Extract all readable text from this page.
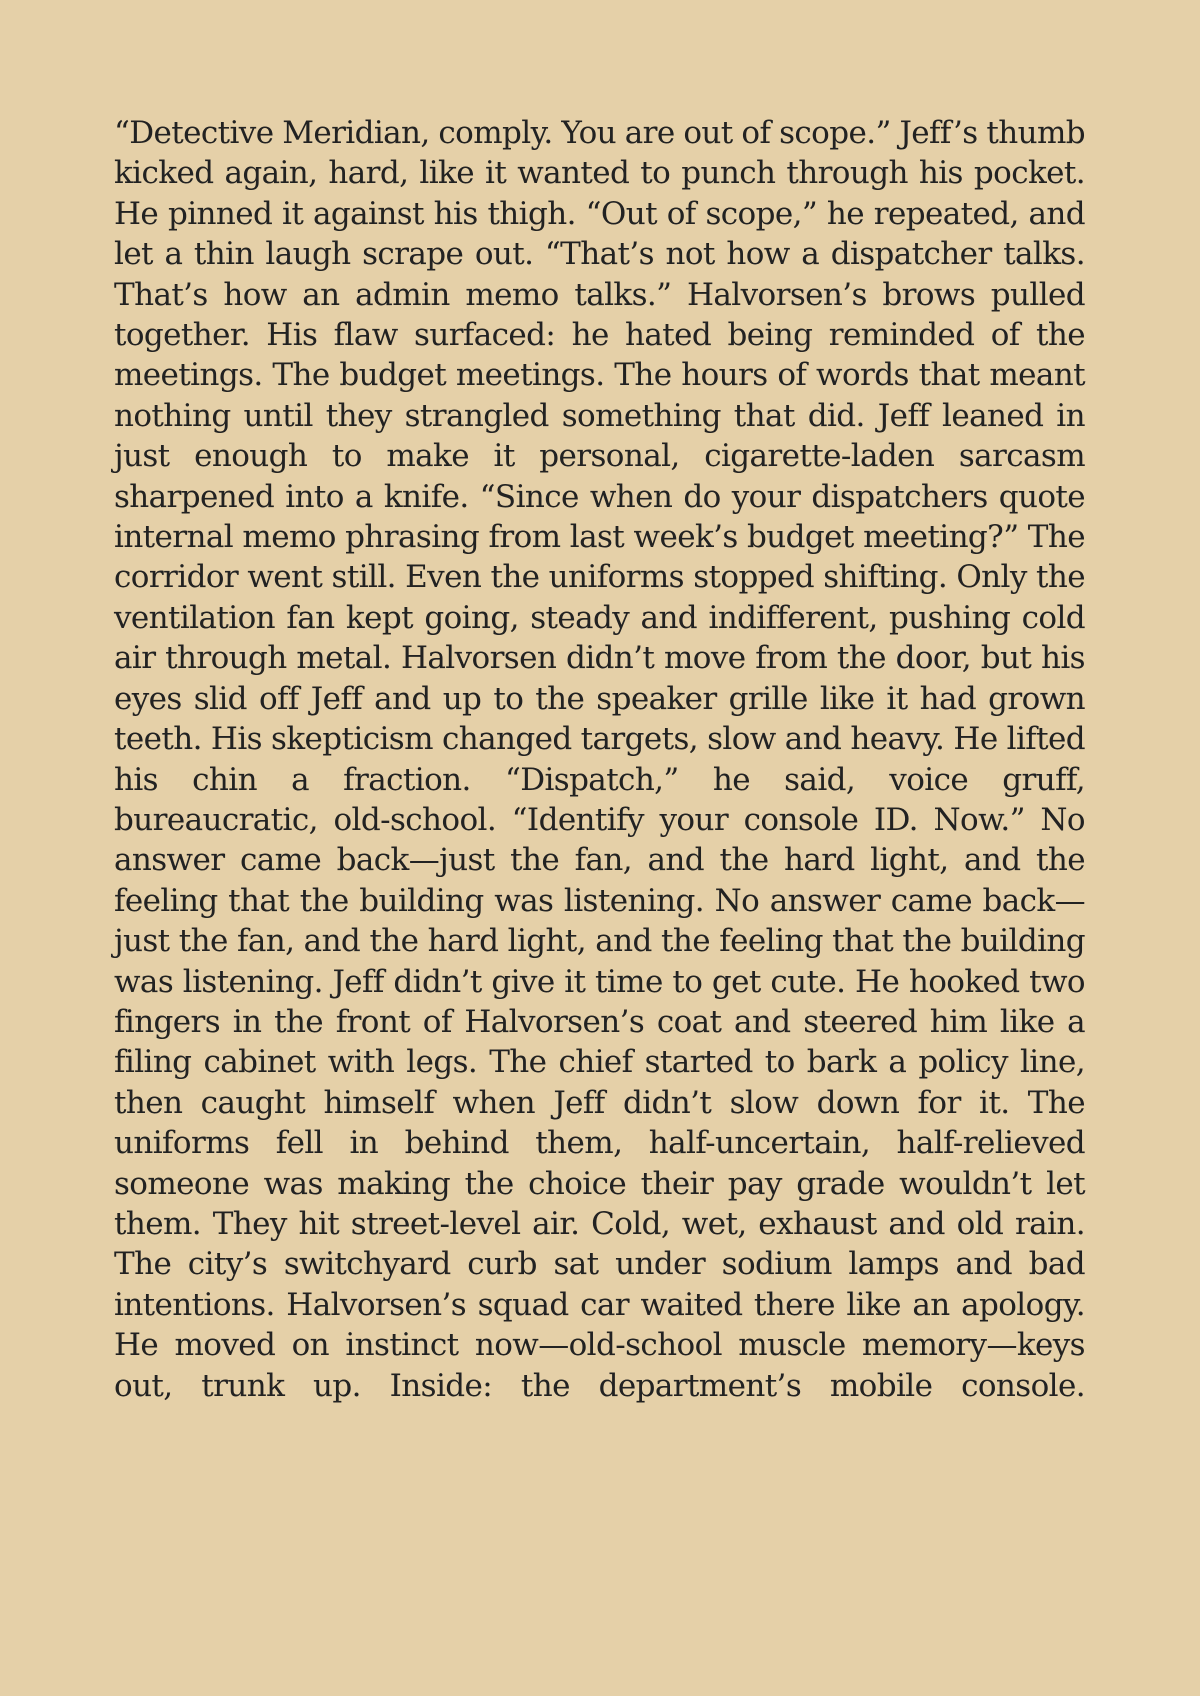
“Detective Meridian, comply. You are out of scope.” Jeff’s thumb kicked again, hard, like it wanted to punch through his pocket. He pinned it against his thigh. “Out of scope,” he repeated, and let a thin laugh scrape out. “That’s not how a dispatcher talks. That’s how an admin memo talks.” Halvorsen’s brows pulled together. His flaw surfaced: he hated being reminded of the meetings. The budget meetings. The hours of words that meant nothing until they strangled something that did. Jeff leaned in just enough to make it personal, cigarette-laden sarcasm sharpened into a knife. “Since when do your dispatchers quote internal memo phrasing from last week’s budget meeting?” The corridor went still. Even the uniforms stopped shifting. Only the ventilation fan kept going, steady and indifferent, pushing cold air through metal. Halvorsen didn’t move from the door, but his eyes slid off Jeff and up to the speaker grille like it had grown teeth. His skepticism changed targets, slow and heavy. He lifted his chin a fraction. “Dispatch,” he said, voice gruff, bureaucratic, old-school. “Identify your console ID. Now.” No answer came back—just the fan, and the hard light, and the feeling that the building was listening. No answer came back—just the fan, and the hard light, and the feeling that the building was listening. Jeff didn’t give it time to get cute. He hooked two fingers in the front of Halvorsen’s coat and steered him like a filing cabinet with legs. The chief started to bark a policy line, then caught himself when Jeff didn’t slow down for it. The uniforms fell in behind them, half-uncertain, half-relieved someone was making the choice their pay grade wouldn’t let them. They hit street-level air. Cold, wet, exhaust and old rain. The city’s switchyard curb sat under sodium lamps and bad intentions. Halvorsen’s squad car waited there like an apology. He moved on instinct now—old-school muscle memory—keys out, trunk up. Inside: the department’s mobile console.
